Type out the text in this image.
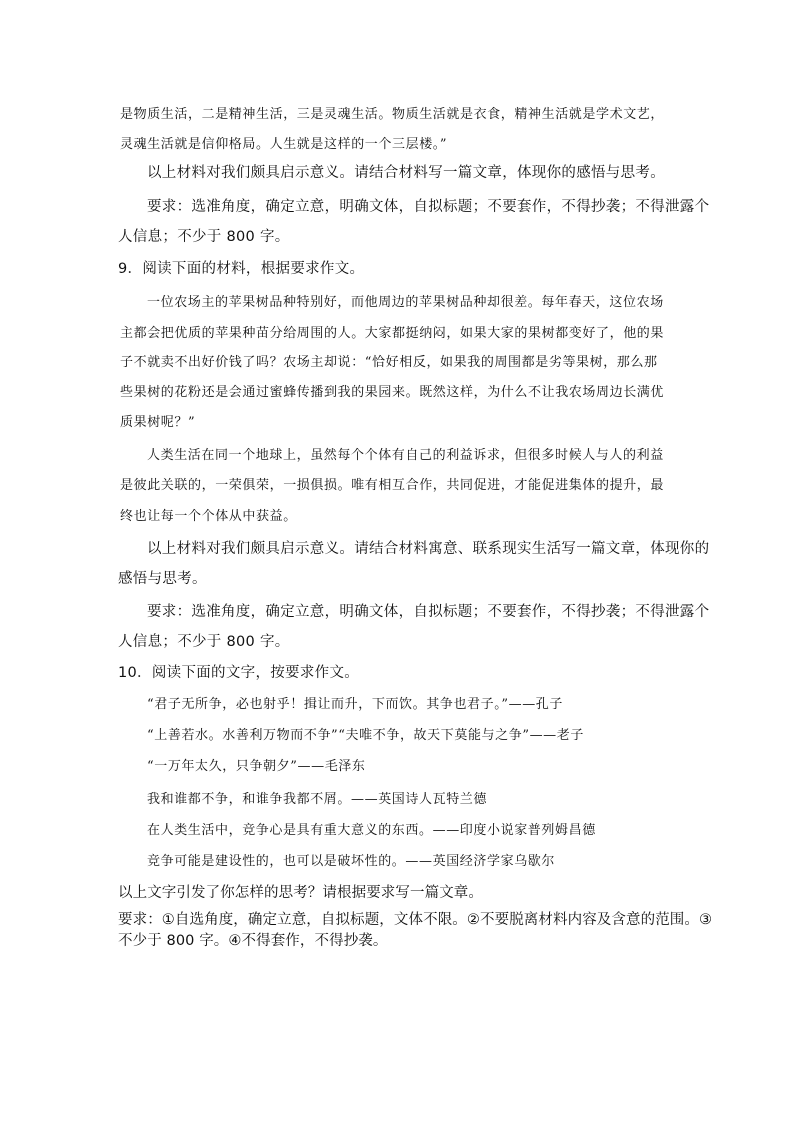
是物质生活，二是精神生活，三是灵魂生活。物质生活就是衣食，精神生活就是学术文艺，
灵魂生活就是信仰格局。人生就是这样的一个三层楼。”
以上材料对我们颇具启示意义。请结合材料写一篇文章，体现你的感悟与思考。
要求：选准角度，确定立意，明确文体，自拟标题；不要套作，不得抄袭；不得泄露个
人信息；不少于 800 字。
9．阅读下面的材料，根据要求作文。
一位农场主的苹果树品种特别好，而他周边的苹果树品种却很差。每年春天，这位农场
主都会把优质的苹果种苗分给周围的人。大家都挺纳闷，如果大家的果树都变好了，他的果
子不就卖不出好价钱了吗？农场主却说：“恰好相反，如果我的周围都是劣等果树，那么那
些果树的花粉还是会通过蜜蜂传播到我的果园来。既然这样，为什么不让我农场周边长满优
质果树呢？”
人类生活在同一个地球上，虽然每个个体有自己的利益诉求，但很多时候人与人的利益
是彼此关联的，一荣俱荣，一损俱损。唯有相互合作，共同促进，才能促进集体的提升，最
终也让每一个个体从中获益。
以上材料对我们颇具启示意义。请结合材料寓意、联系现实生活写一篇文章，体现你的
感悟与思考。
要求：选准角度，确定立意，明确文体，自拟标题；不要套作，不得抄袭；不得泄露个
人信息；不少于 800 字。
10．阅读下面的文字，按要求作文。
“君子无所争，必也射乎！揖让而升，下而饮。其争也君子。”——孔子
“上善若水。水善利万物而不争”“夫唯不争，故天下莫能与之争”——老子
“一万年太久，只争朝夕”——毛泽东
我和谁都不争，和谁争我都不屑。——英国诗人瓦特兰德
在人类生活中，竞争心是具有重大意义的东西。——印度小说家普列姆昌德
竞争可能是建设性的，也可以是破坏性的。——英国经济学家乌歇尔
以上文字引发了你怎样的思考？请根据要求写一篇文章。
要求：①自选角度，确定立意，自拟标题，文体不限。②不要脱离材料内容及含意的范围。③
不少于 800 字。④不得套作，不得抄袭。
